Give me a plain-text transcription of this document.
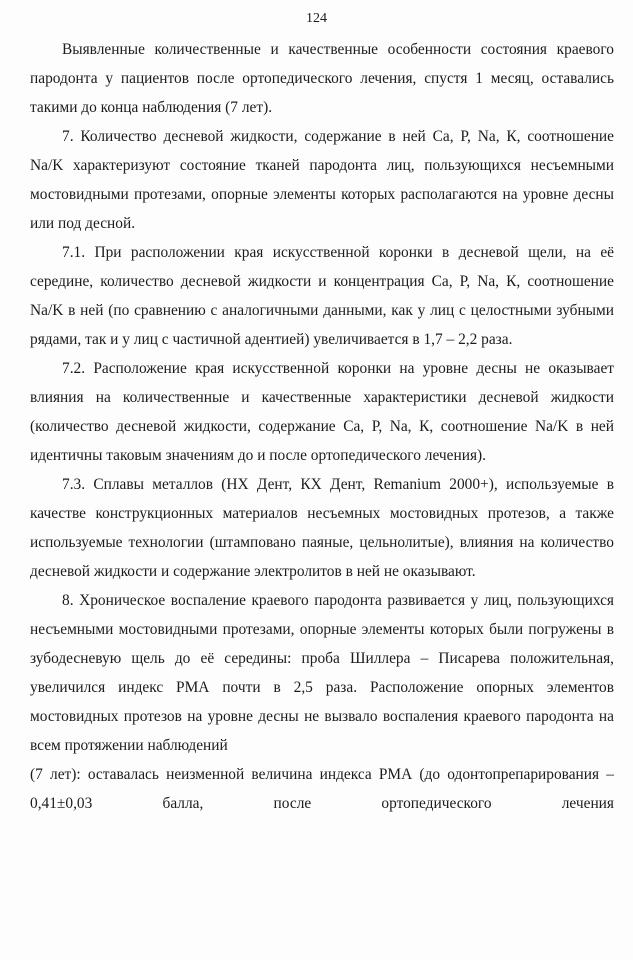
124

Выявленные количественные и качественные особенности состояния краевого пародонта у пациентов после ортопедического лечения, спустя 1 месяц, оставались такими до конца наблюдения (7 лет).

7. Количество десневой жидкости, содержание в ней Са, Р, Na, К, соотношение Na/K характеризуют состояние тканей пародонта лиц, пользующихся несъемными мостовидными протезами, опорные элементы которых располагаются на уровне десны или под десной.

7.1. При расположении края искусственной коронки в десневой щели, на её середине, количество десневой жидкости и концентрация Са, Р, Na, К, соотношение Na/K в ней (по сравнению с аналогичными данными, как у лиц с целостными зубными рядами, так и у лиц с частичной адентией) увеличивается в 1,7 – 2,2 раза.

7.2. Расположение края искусственной коронки на уровне десны не оказывает влияния на количественные и качественные характеристики десневой жидкости (количество десневой жидкости, содержание Са, Р, Na, К, соотношение Na/K в ней идентичны таковым значениям до и после ортопедического лечения).

7.3. Сплавы металлов (НХ Дент, КХ Дент, Remanium 2000+), используемые в качестве конструкционных материалов несъемных мостовидных протезов, а также используемые технологии (штамповано паяные, цельнолитые), влияния на количество десневой жидкости и содержание электролитов в ней не оказывают.

8. Хроническое воспаление краевого пародонта развивается у лиц, пользующихся несъемными мостовидными протезами, опорные элементы которых были погружены в зубодесневую щель до её середины: проба Шиллера – Писарева положительная, увеличился индекс РМА почти в 2,5 раза. Расположение опорных элементов мостовидных протезов на уровне десны не вызвало воспаления краевого пародонта на всем протяжении наблюдений

(7 лет): оставалась неизменной величина индекса РМА (до одонтопрепарирования – 0,41±0,03 балла, после ортопедического лечения
